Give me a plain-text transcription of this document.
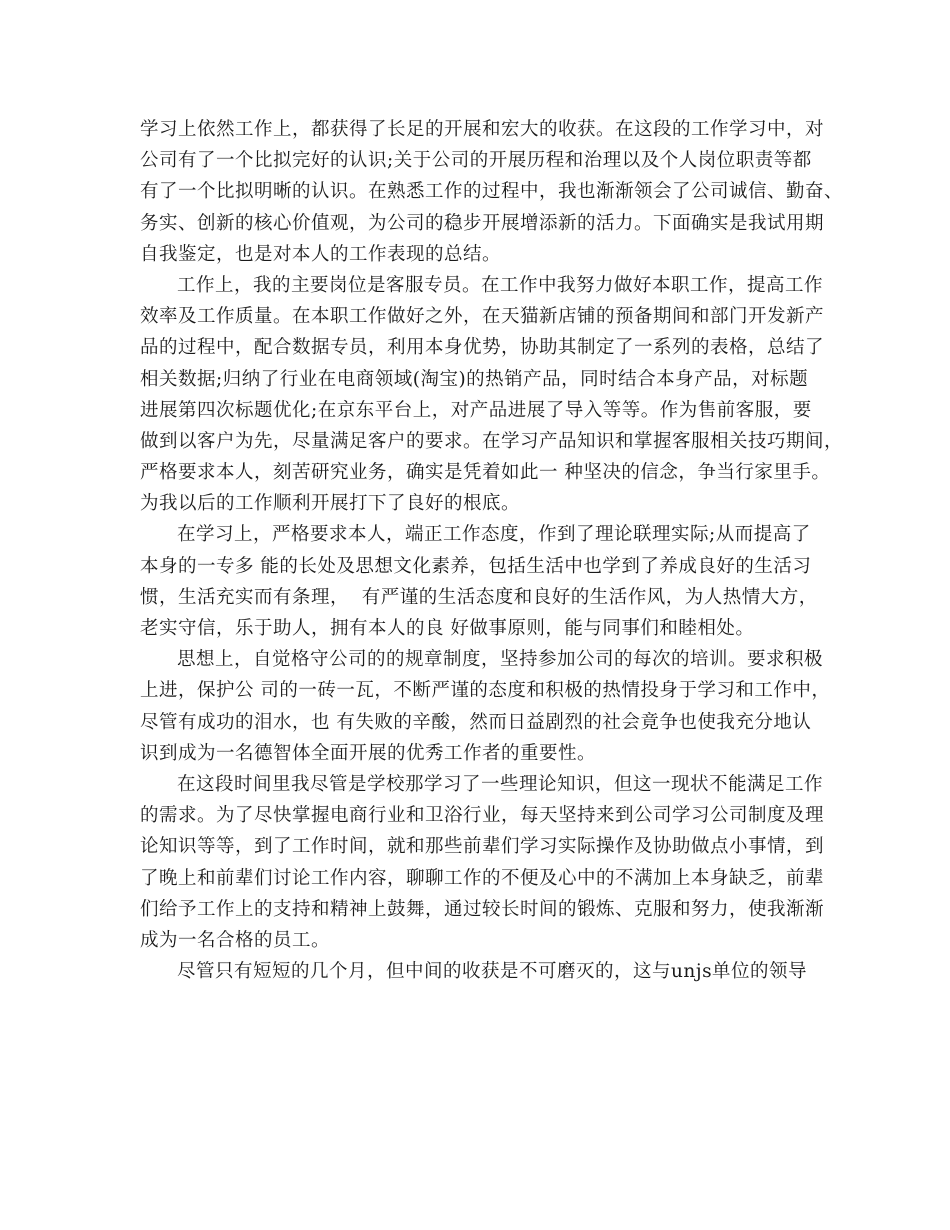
学习上依然工作上，都获得了长足的开展和宏大的收获。在这段的工作学习中，对
公司有了一个比拟完好的认识;关于公司的开展历程和治理以及个人岗位职责等都
有了一个比拟明晰的认识。在熟悉工作的过程中，我也渐渐领会了公司诚信、勤奋、
务实、创新的核心价值观，为公司的稳步开展增添新的活力。下面确实是我试用期
自我鉴定，也是对本人的工作表现的总结。
工作上，我的主要岗位是客服专员。在工作中我努力做好本职工作，提高工作
效率及工作质量。在本职工作做好之外，在天猫新店铺的预备期间和部门开发新产
品的过程中，配合数据专员，利用本身优势，协助其制定了一系列的表格，总结了
相关数据;归纳了行业在电商领域(淘宝)的热销产品，同时结合本身产品，对标题
进展第四次标题优化;在京东平台上，对产品进展了导入等等。作为售前客服，要
做到以客户为先，尽量满足客户的要求。在学习产品知识和掌握客服相关技巧期间，
严格要求本人，刻苦研究业务，确实是凭着如此一 种坚决的信念，争当行家里手。
为我以后的工作顺利开展打下了良好的根底。
在学习上，严格要求本人，端正工作态度，作到了理论联理实际;从而提高了
本身的一专多 能的长处及思想文化素养，包括生活中也学到了养成良好的生活习
惯，生活充实而有条理，  有严谨的生活态度和良好的生活作风，为人热情大方，
老实守信，乐于助人，拥有本人的良 好做事原则，能与同事们和睦相处。
思想上，自觉格守公司的的规章制度，坚持参加公司的每次的培训。要求积极
上进，保护公 司的一砖一瓦，不断严谨的态度和积极的热情投身于学习和工作中，
尽管有成功的泪水，也 有失败的辛酸，然而日益剧烈的社会竟争也使我充分地认
识到成为一名德智体全面开展的优秀工作者的重要性。
在这段时间里我尽管是学校那学习了一些理论知识，但这一现状不能满足工作
的需求。为了尽快掌握电商行业和卫浴行业，每天坚持来到公司学习公司制度及理
论知识等等，到了工作时间，就和那些前辈们学习实际操作及协助做点小事情，到
了晚上和前辈们讨论工作内容，聊聊工作的不便及心中的不满加上本身缺乏，前辈
们给予工作上的支持和精神上鼓舞，通过较长时间的锻炼、克服和努力，使我渐渐
成为一名合格的员工。
尽管只有短短的几个月，但中间的收获是不可磨灭的，这与unjs单位的领导
